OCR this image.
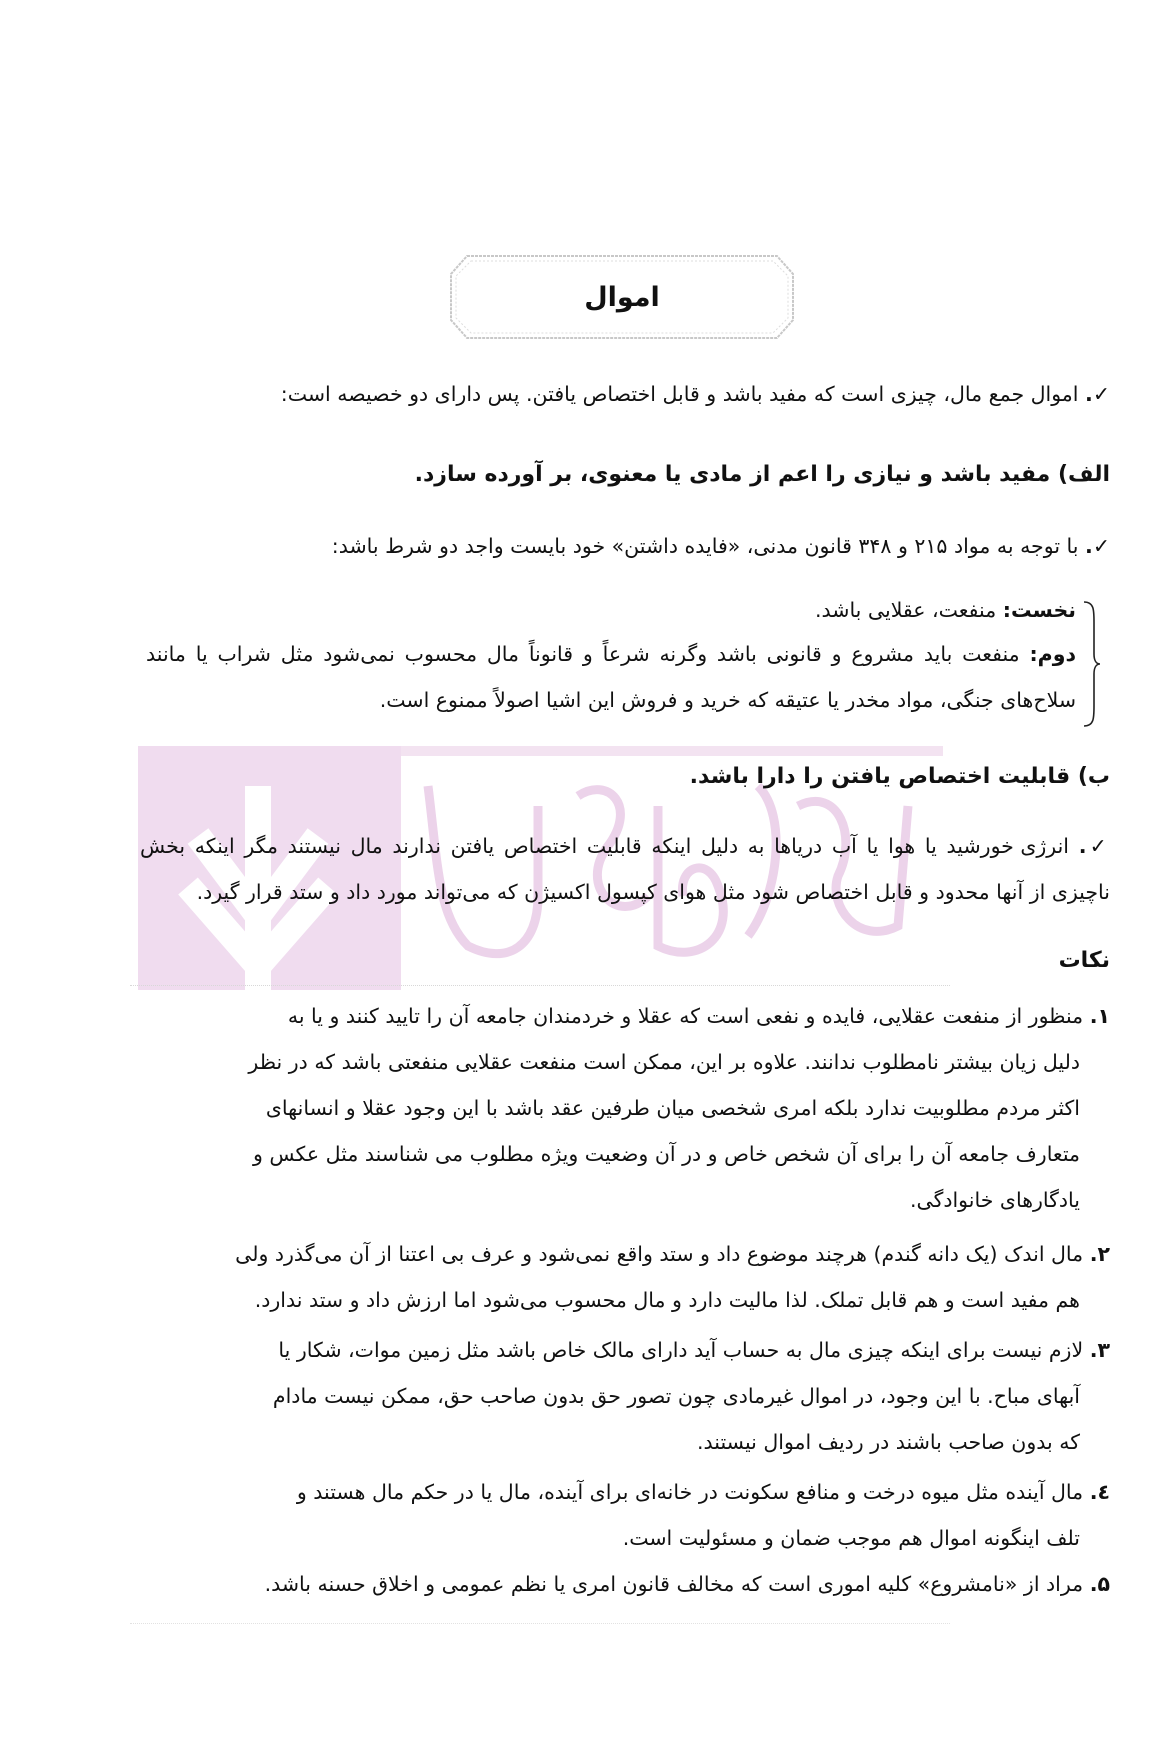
اموال
✓. اموال جمع مال، چیزی است که مفید باشد و قابل اختصاص یافتن. پس دارای دو خصیصه است:
الف) مفید باشد و نیازی را اعم از مادی یا معنوی، بر آورده سازد.
✓. با توجه به مواد ۲۱۵ و ۳۴۸ قانون مدنی، «فایده داشتن» خود بایست واجد دو شرط باشد:
نخست: منفعت، عقلایی باشد.
دوم: منفعت باید مشروع و قانونی باشد وگرنه شرعاً و قانوناً مال محسوب نمی‌شود مثل شراب یا مانند
سلاح‌های جنگی، مواد مخدر یا عتیقه که خرید و فروش این اشیا اصولاً ممنوع است.
ب) قابلیت اختصاص یافتن را دارا باشد.
✓. انرژی خورشید یا هوا یا آب دریاها به دلیل اینکه قابلیت اختصاص یافتن ندارند مال نیستند مگر اینکه بخش
ناچیزی از آنها محدود و قابل اختصاص شود مثل هوای کپسول اکسیژن که می‌تواند مورد داد و ستد قرار گیرد.
نکات
۱. منظور از منفعت عقلایی، فایده و نفعی است که عقلا و خردمندان جامعه آن را تایید کنند و یا به
دلیل زیان بیشتر نامطلوب ندانند. علاوه بر این، ممکن است منفعت عقلایی منفعتی باشد که در نظر
اکثر مردم مطلوبیت ندارد بلکه امری شخصی میان طرفین عقد باشد با این وجود عقلا و انسانهای
متعارف جامعه آن را برای آن شخص خاص و در آن وضعیت ویژه مطلوب می شناسند مثل عکس و
یادگارهای خانوادگی.
۲. مال اندک (یک دانه گندم) هرچند موضوع داد و ستد واقع نمی‌شود و عرف بی اعتنا از آن می‌گذرد ولی
هم مفید است و هم قابل تملک. لذا مالیت دارد و مال محسوب می‌شود اما ارزش داد و ستد ندارد.
۳. لازم نیست برای اینکه چیزی مال به حساب آید دارای مالک خاص باشد مثل زمین موات، شکار یا
آبهای مباح. با این وجود، در اموال غیرمادی چون تصور حق بدون صاحب حق، ممکن نیست مادام
که بدون صاحب باشند در ردیف اموال نیستند.
٤. مال آینده مثل میوه درخت و منافع سکونت در خانه‌ای برای آینده، مال یا در حکم مال هستند و
تلف اینگونه اموال هم موجب ضمان و مسئولیت است.
۵. مراد از «نامشروع» کلیه اموری است که مخالف قانون امری یا نظم عمومی و اخلاق حسنه باشد.
